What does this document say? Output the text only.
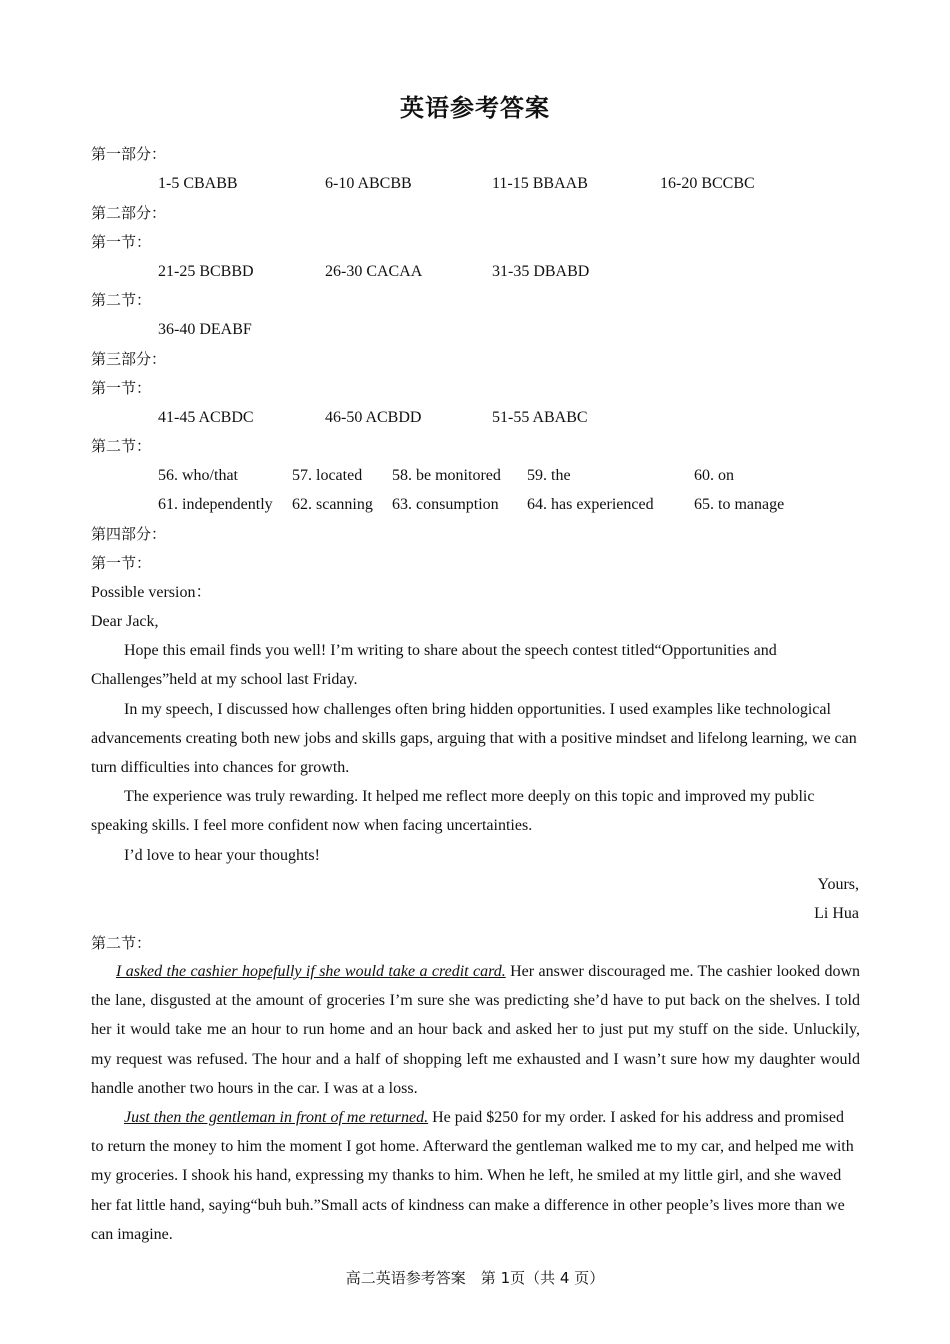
英语参考答案
第一部分：
1-5 CBABB	6-10 ABCBB	11-15 BBAAB	16-20 BCCBC
第二部分：
第一节：
21-25 BCBBD	26-30 CACAA	31-35 DBABD
第二节：
36-40 DEABF
第三部分：
第一节：
41-45 ACBDC	46-50 ACBDD	51-55 ABABC
第二节：
56. who/that	57. located 58. be monitored 59. the	60. on
61. independently 62. scanning 63. consumption 64. has experienced	65. to manage
第四部分：
第一节：
Possible version：
Dear Jack,
Hope this email finds you well! I’m writing to share about the speech contest titled“Opportunities and Challenges”held at my school last Friday.
In my speech, I discussed how challenges often bring hidden opportunities. I used examples like technological advancements creating both new jobs and skills gaps, arguing that with a positive mindset and lifelong learning, we can turn difficulties into chances for growth.
The experience was truly rewarding. It helped me reflect more deeply on this topic and improved my public speaking skills. I feel more confident now when facing uncertainties.
I’d love to hear your thoughts!
Yours,
Li Hua
第二节：
I asked the cashier hopefully if she would take a credit card. Her answer discouraged me. The cashier looked down the lane, disgusted at the amount of groceries I’m sure she was predicting she’d have to put back on the shelves. I told her it would take me an hour to run home and an hour back and asked her to just put my stuff on the side. Unluckily, my request was refused. The hour and a half of shopping left me exhausted and I wasn’t sure how my daughter would handle another two hours in the car. I was at a loss.
Just then the gentleman in front of me returned. He paid $250 for my order. I asked for his address and promised to return the money to him the moment I got home. Afterward the gentleman walked me to my car, and helped me with my groceries. I shook his hand, expressing my thanks to him. When he left, he smiled at my little girl, and she waved her fat little hand, saying“buh buh.”Small acts of kindness can make a difference in other people’s lives more than we can imagine.
高二英语参考答案　第 1页（共 4 页）
